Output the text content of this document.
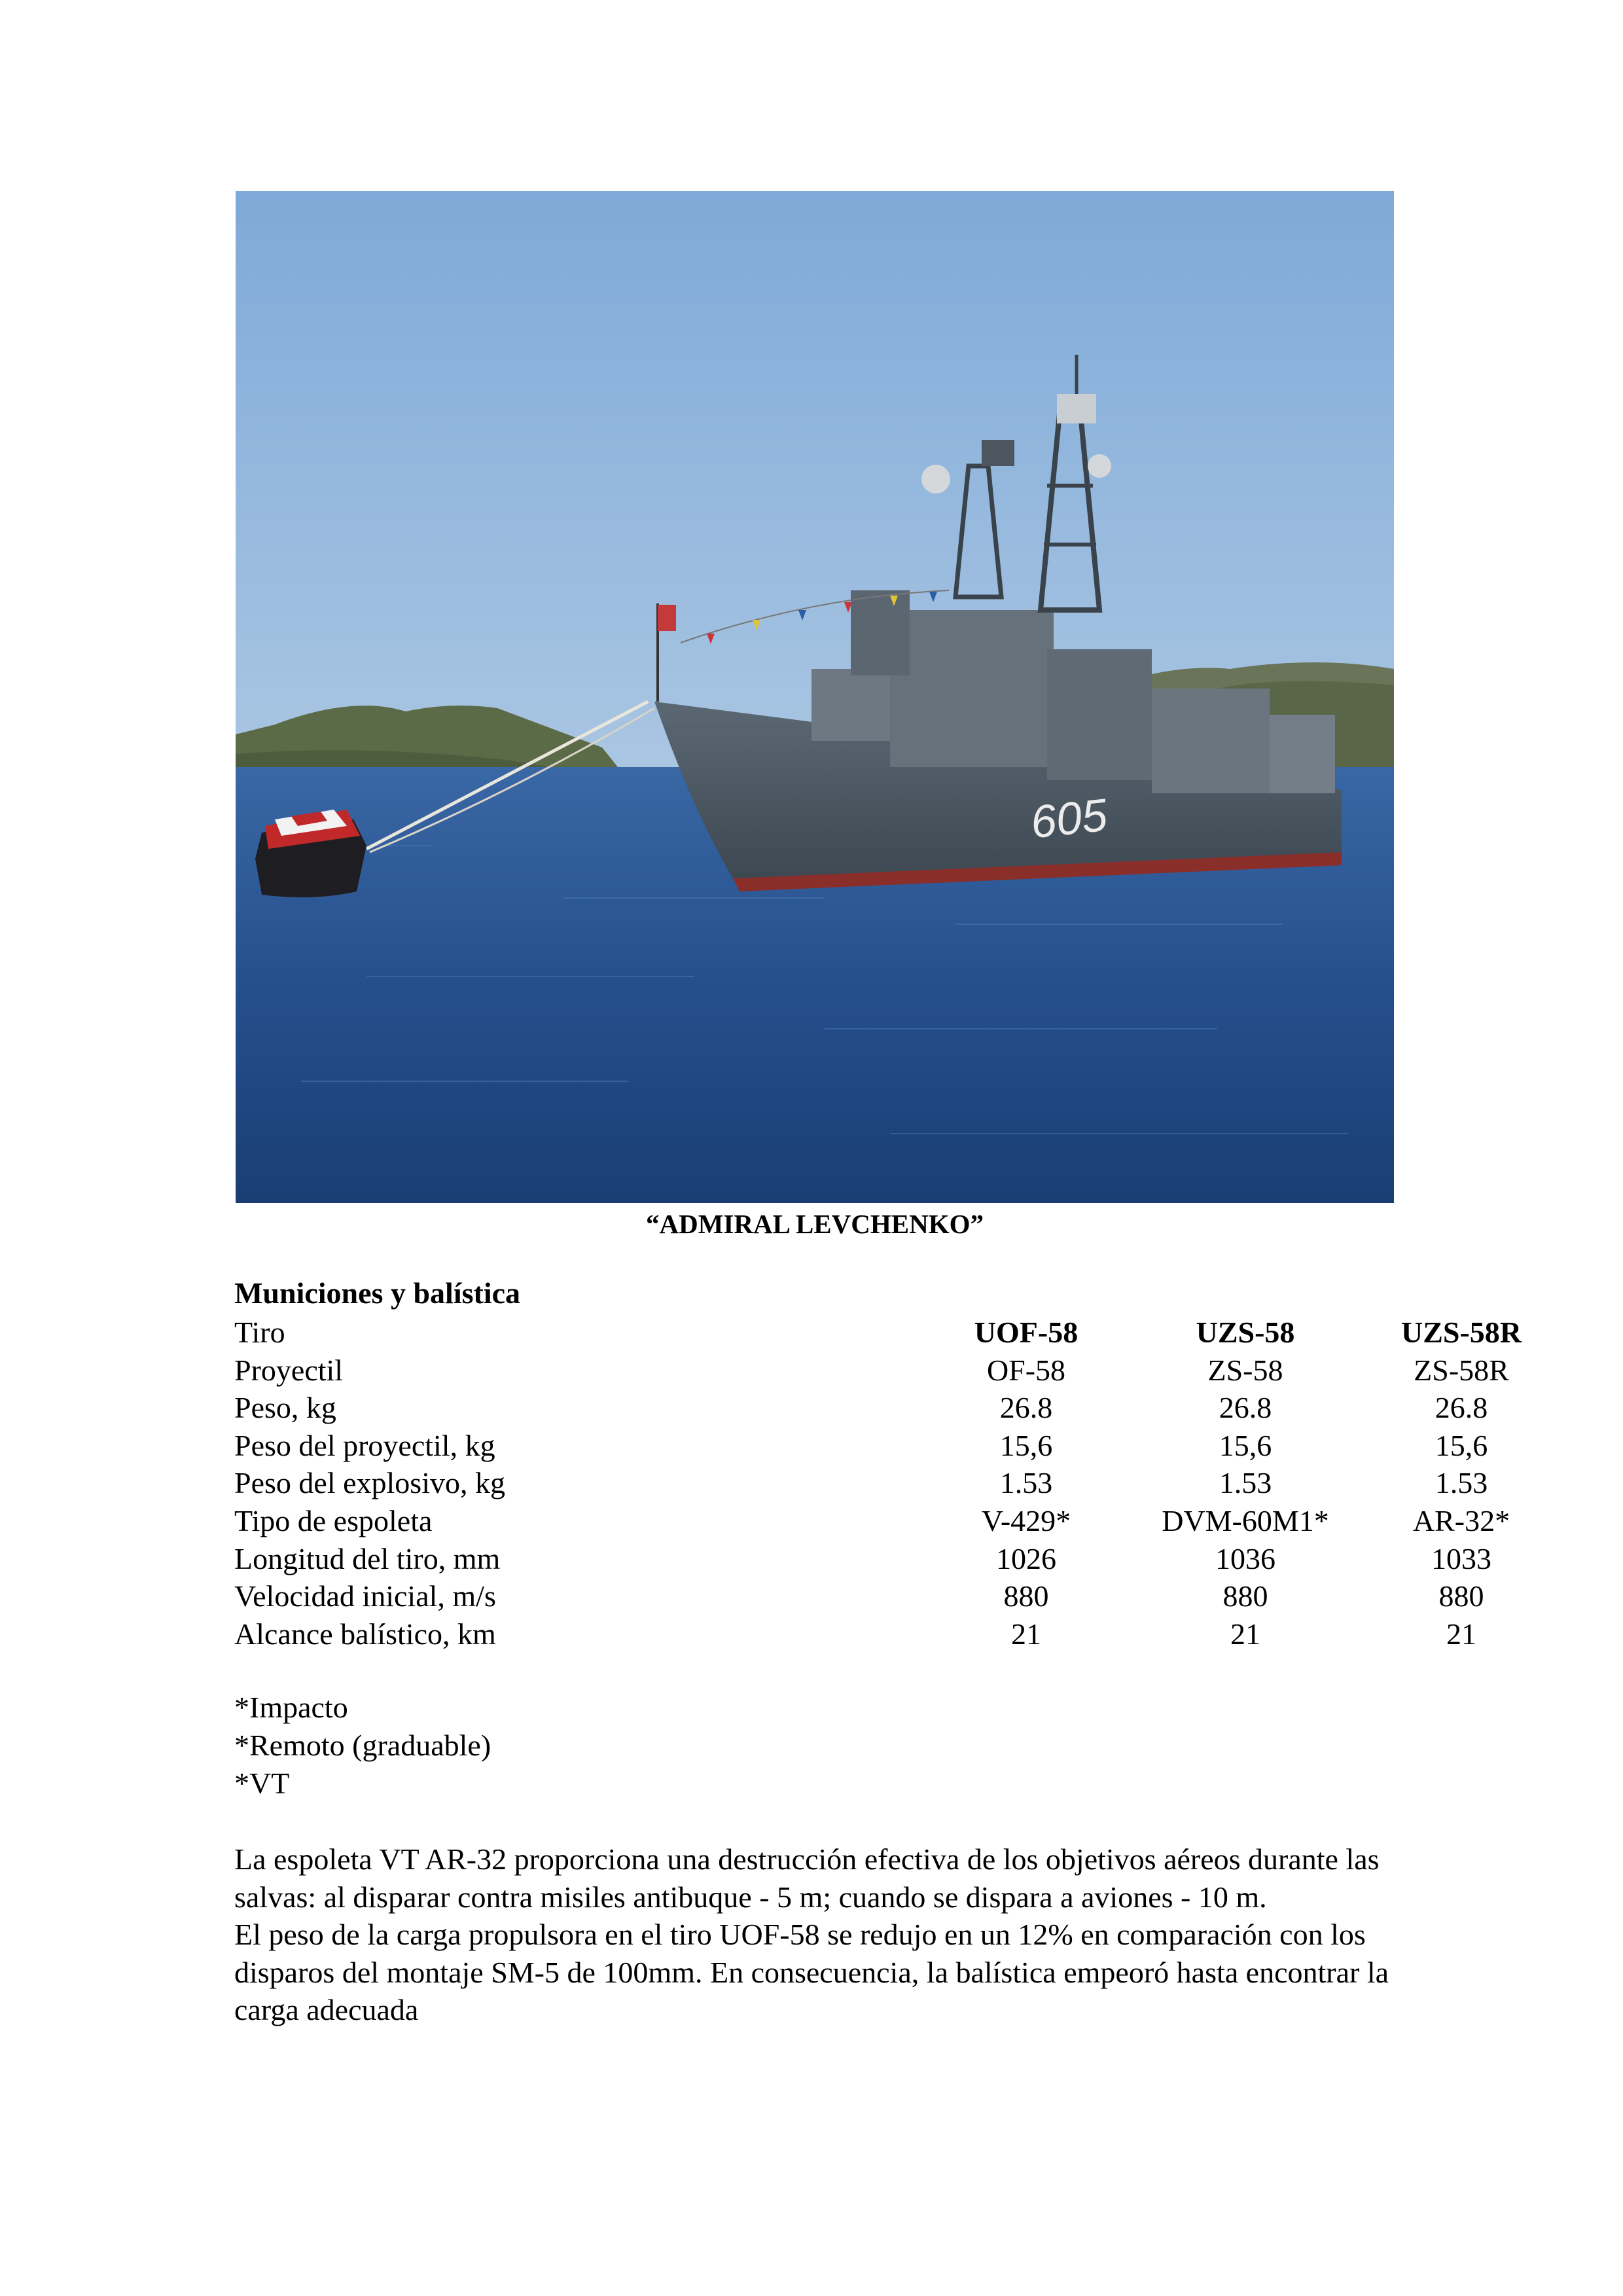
605
“ADMIRAL LEVCHENKO”
Municiones y balística
Tiro	UOF-58	UZS-58	UZS-58R
Proyectil	OF-58	ZS-58	ZS-58R
Peso, kg	26.8	26.8	26.8
Peso del proyectil, kg	15,6	15,6	15,6
Peso del explosivo, kg	1.53	1.53	1.53
Tipo de espoleta	V-429*	DVM-60M1*	AR-32*
Longitud del tiro, mm	1026	1036	1033
Velocidad inicial, m/s	880	880	880
Alcance balístico, km	21	21	21
*Impacto
*Remoto (graduable)
*VT

La espoleta VT AR-32 proporciona una destrucción efectiva de los objetivos aéreos durante las salvas: al disparar contra misiles antibuque - 5 m; cuando se dispara a aviones - 10 m.

El peso de la carga propulsora en el tiro UOF-58 se redujo en un 12% en comparación con los disparos del montaje SM-5 de 100mm. En consecuencia, la balística empeoró hasta encontrar la carga adecuada
